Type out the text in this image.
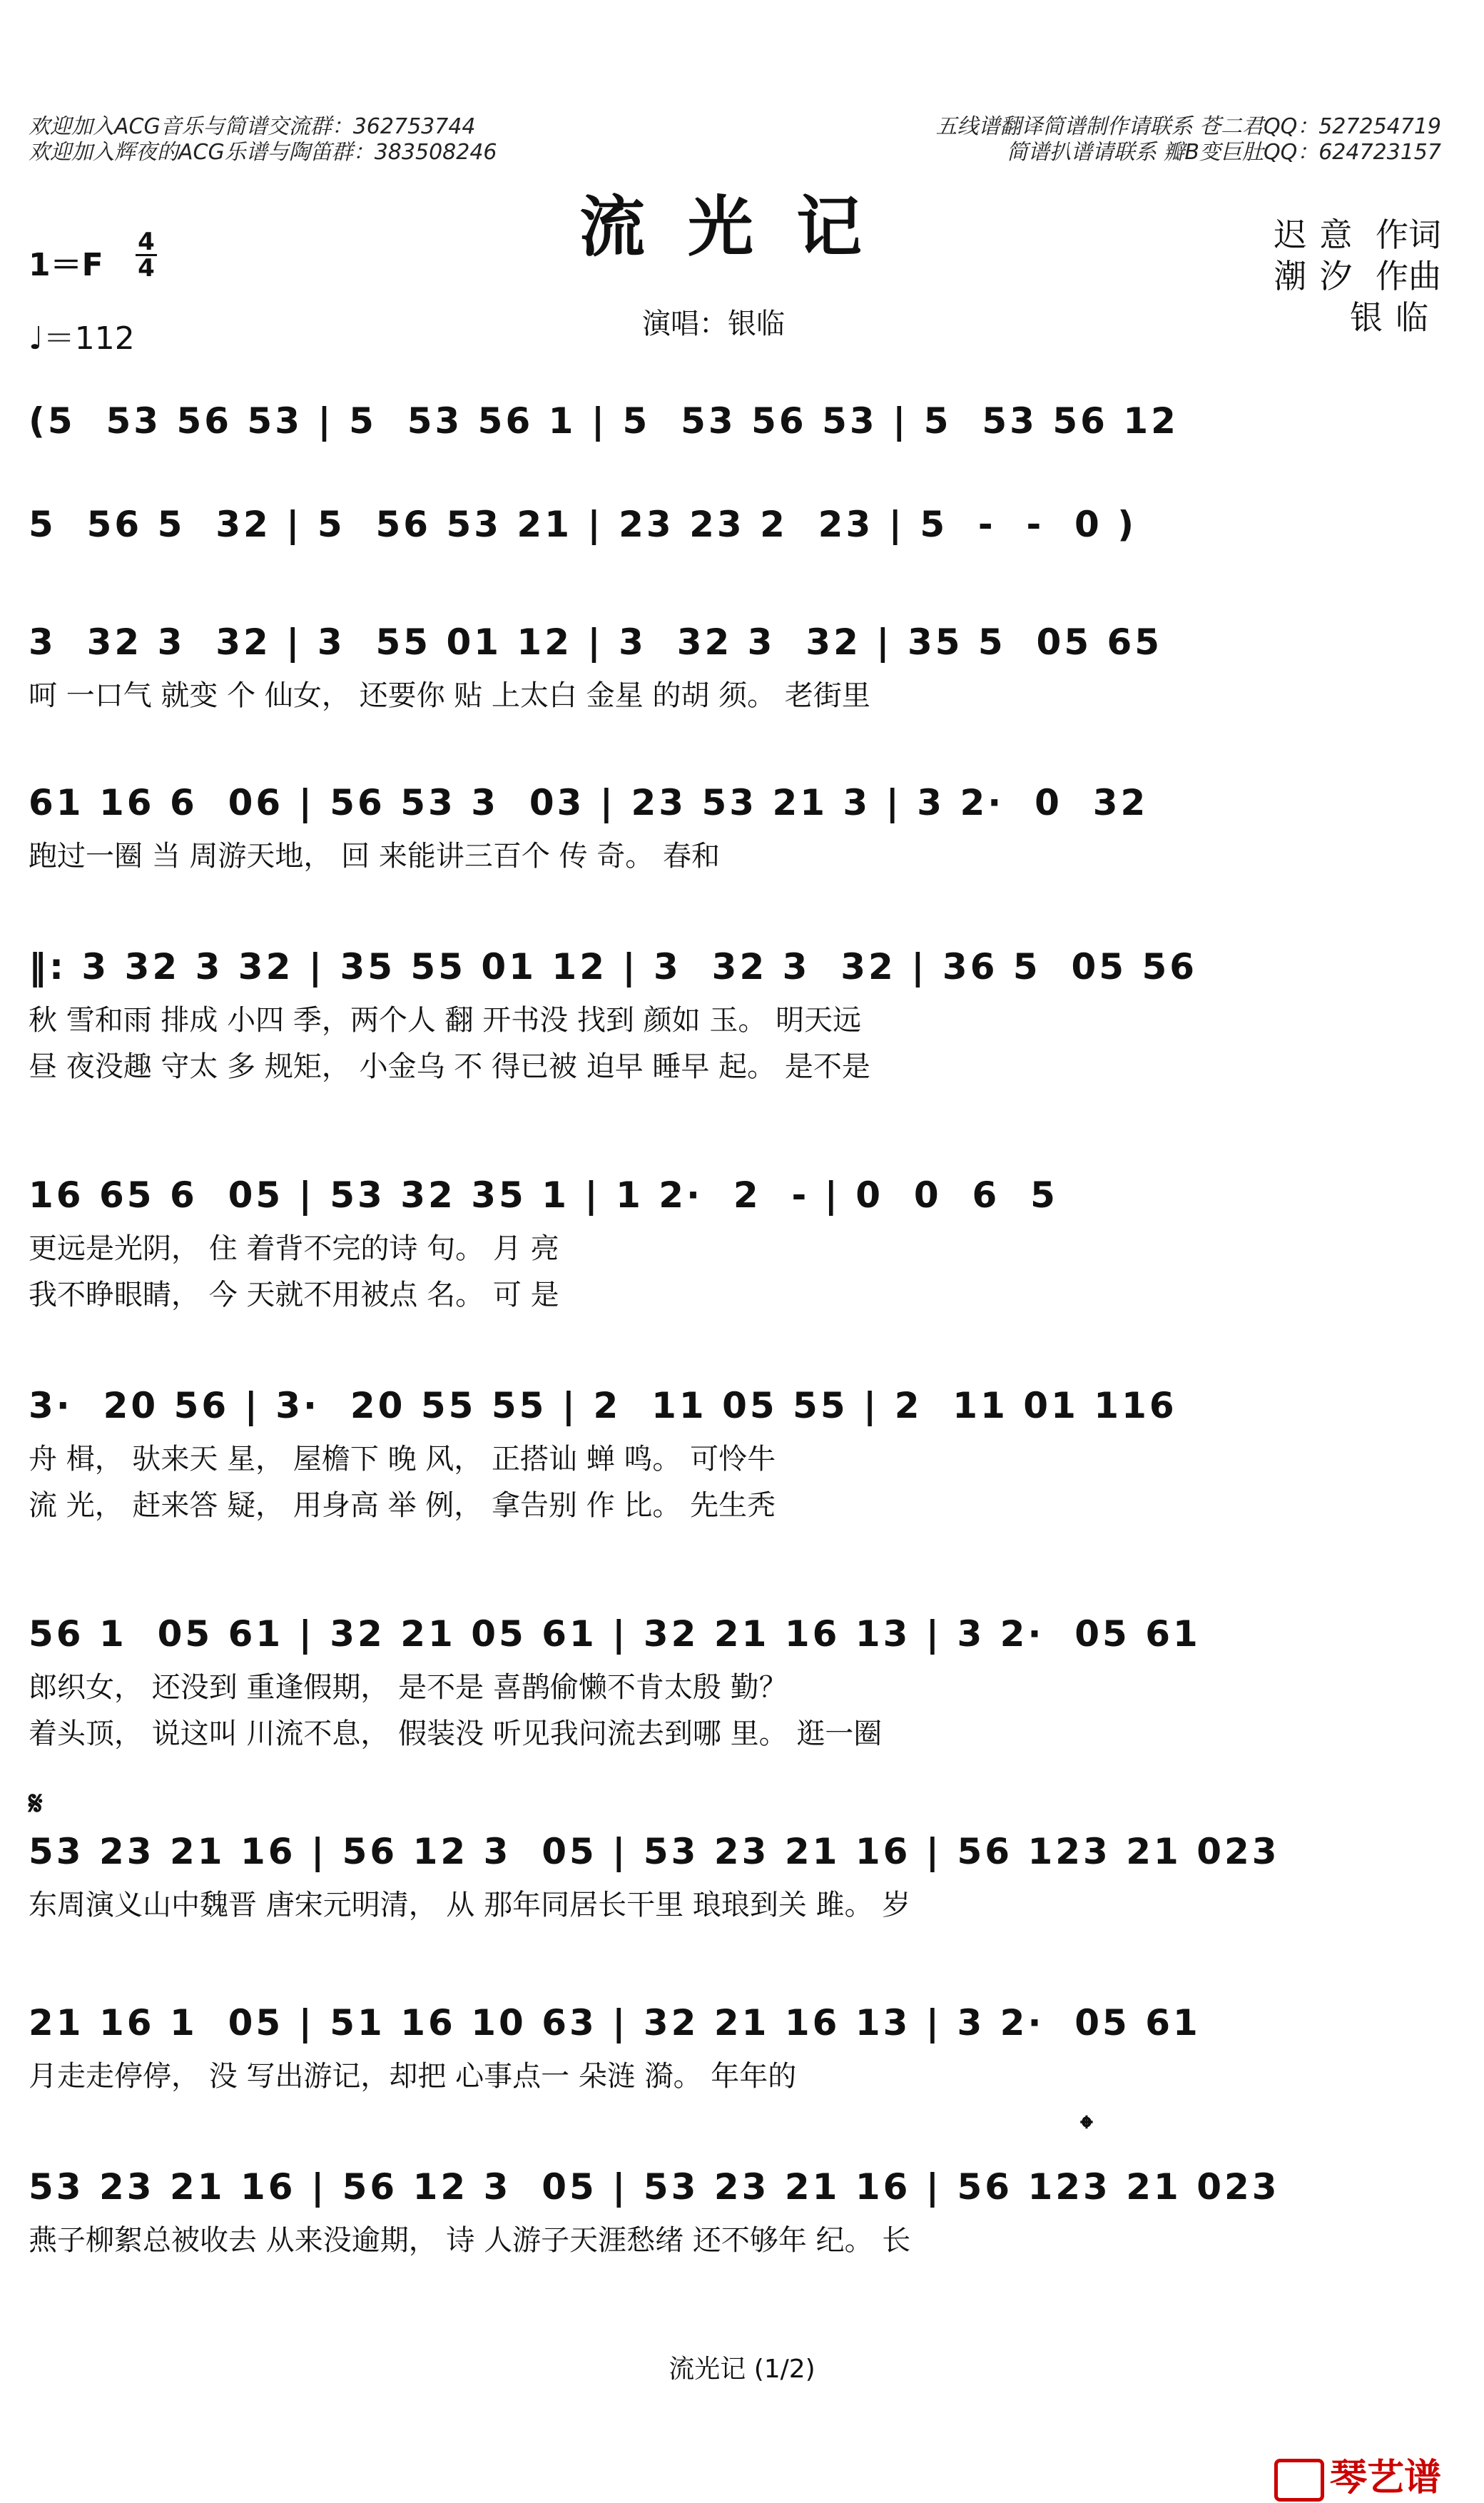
欢迎加入ACG音乐与简谱交流群：362753744
欢迎加入辉夜的ACG乐谱与陶笛群：383508246
五线谱翻译简谱制作请联系 苍二君QQ：527254719
简谱扒谱请联系 瓣B变巨肚QQ：624723157
流光记
1＝F
4
4
♩＝112	演唱：银临
迟意 作词
潮汐 作曲
银临
(5  53 56 53 | 5  53 56 1 | 5  53 56 53 | 5  53 56 12
5  56 5  32 | 5  56 53 21 | 23 23 2  23 | 5  -  -  0 )
3  32 3  32 | 3  55 01 12 | 3  32 3  32 | 35 5  05 65
呵 一口气 就变 个 仙女， 还要你 贴 上太白 金星 的胡 须。 老街里
61 16 6  06 | 56 53 3  03 | 23 53 21 3 | 3 2·  0  32
跑过一圈 当 周游天地， 回 来能讲三百个 传 奇。 春和
‖: 3 32 3 32 | 35 55 01 12 | 3  32 3  32 | 36 5  05 56
秋 雪和雨 排成 小四 季，两个人 翻 开书没 找到 颜如 玉。 明天远
昼 夜没趣 守太 多 规矩， 小金乌 不 得已被 迫早 睡早 起。 是不是
16 65 6  05 | 53 32 35 1 | 1 2·  2  - | 0  0  6  5
更远是光阴， 住 着背不完的诗 句。 月 亮
我不睁眼睛， 今 天就不用被点 名。 可 是
3·  20 56 | 3·  20 55 55 | 2  11 05 55 | 2  11 01 116
舟 楫， 驮来天 星， 屋檐下 晚 风， 正搭讪 蝉 鸣。 可怜牛
流 光， 赶来答 疑， 用身高 举 例， 拿告别 作 比。 先生秃
56 1  05 61 | 32 21 05 61 | 32 21 16 13 | 3 2·  05 61
郎织女， 还没到 重逢假期， 是不是 喜鹊偷懒不肯太殷 勤？
着头顶， 说这叫 川流不息， 假装没 听见我问流去到哪 里。 逛一圈
53 23 21 16 | 56 12 3  05 | 53 23 21 16 | 56 123 21 023
东周演义山中魏晋 唐宋元明清， 从 那年同居长干里 琅琅到关 雎。 岁
21 16 1  05 | 51 16 10 63 | 32 21 16 13 | 3 2·  05 61
月走走停停， 没 写出游记，却把 心事点一 朵涟 漪。 年年的
53 23 21 16 | 56 12 3  05 | 53 23 21 16 | 56 123 21 023
燕子柳絮总被收去 从来没逾期， 诗 人游子天涯愁绪 还不够年 纪。 长
𝄋
𝄌
流光记 (1/2)
琴艺谱
